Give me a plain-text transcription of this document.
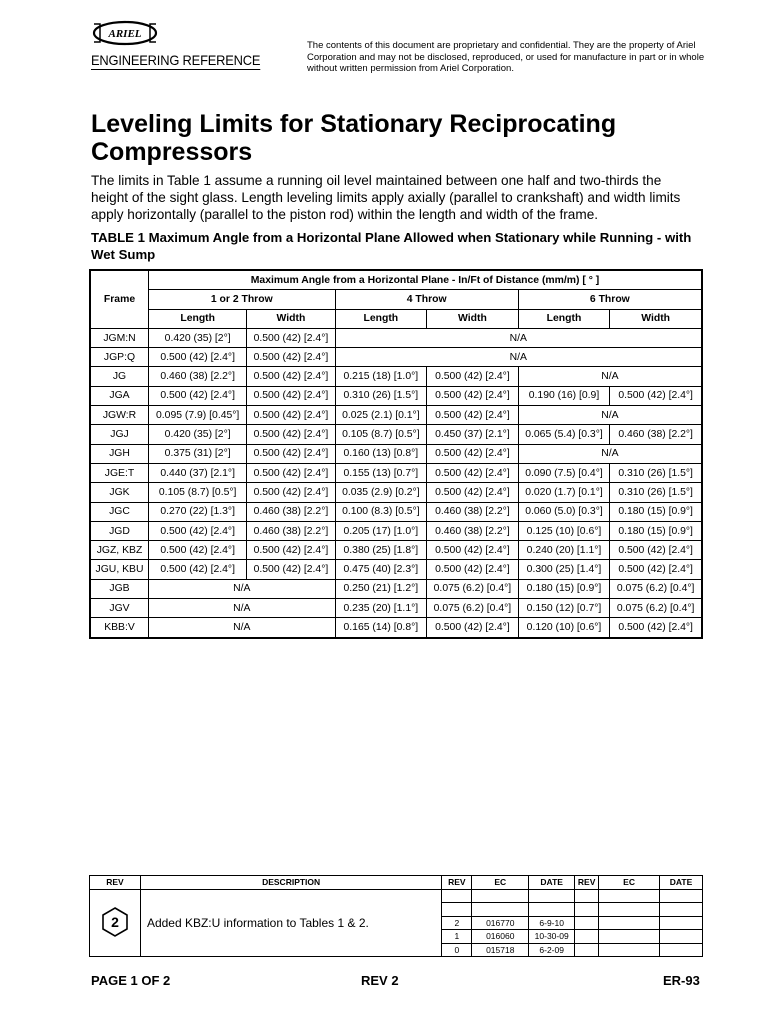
ARIEL
ENGINEERING REFERENCE
The contents of this document are proprietary and confidential. They are the property of Ariel Corporation and may not be disclosed, reproduced, or used for manufacture in part or in whole without written permission from Ariel Corporation.
Leveling Limits for Stationary Reciprocating Compressors
The limits in Table 1 assume a running oil level maintained between one half and two-thirds the height of the sight glass. Length leveling limits apply axially (parallel to crankshaft) and width limits apply horizontally (parallel to the piston rod) within the length and width of the frame.
TABLE 1 Maximum Angle from a Horizontal Plane Allowed when Stationary while Running - with Wet Sump
Frame	Maximum Angle from a Horizontal Plane - In/Ft of Distance (mm/m) [ ° ]					
	1 or 2 Throw		4 Throw		6 Throw	
	Length	Width	Length	Width	Length	Width
JGM:N	0.420 (35) [2°]	0.500 (42) [2.4°]	N/A			
JGP:Q	0.500 (42) [2.4°]	0.500 (42) [2.4°]	N/A			
JG	0.460 (38) [2.2°]	0.500 (42) [2.4°]	0.215 (18) [1.0°]	0.500 (42) [2.4°]	N/A	
JGA	0.500 (42) [2.4°]	0.500 (42) [2.4°]	0.310 (26) [1.5°]	0.500 (42) [2.4°]	0.190 (16) [0.9]	0.500 (42) [2.4°]
JGW:R	0.095 (7.9) [0.45°]	0.500 (42) [2.4°]	0.025 (2.1) [0.1°]	0.500 (42) [2.4°]	N/A	
JGJ	0.420 (35) [2°]	0.500 (42) [2.4°]	0.105 (8.7) [0.5°]	0.450 (37) [2.1°]	0.065 (5.4) [0.3°]	0.460 (38) [2.2°]
JGH	0.375 (31) [2°]	0.500 (42) [2.4°]	0.160 (13) [0.8°]	0.500 (42) [2.4°]	N/A	
JGE:T	0.440 (37) [2.1°]	0.500 (42) [2.4°]	0.155 (13) [0.7°]	0.500 (42) [2.4°]	0.090 (7.5) [0.4°]	0.310 (26) [1.5°]
JGK	0.105 (8.7) [0.5°]	0.500 (42) [2.4°]	0.035 (2.9) [0.2°]	0.500 (42) [2.4°]	0.020 (1.7) [0.1°]	0.310 (26) [1.5°]
JGC	0.270 (22) [1.3°]	0.460 (38) [2.2°]	0.100 (8.3) [0.5°]	0.460 (38) [2.2°]	0.060 (5.0) [0.3°]	0.180 (15) [0.9°]
JGD	0.500 (42) [2.4°]	0.460 (38) [2.2°]	0.205 (17) [1.0°]	0.460 (38) [2.2°]	0.125 (10) [0.6°]	0.180 (15) [0.9°]
JGZ, KBZ	0.500 (42) [2.4°]	0.500 (42) [2.4°]	0.380 (25) [1.8°]	0.500 (42) [2.4°]	0.240 (20) [1.1°]	0.500 (42) [2.4°]
JGU, KBU	0.500 (42) [2.4°]	0.500 (42) [2.4°]	0.475 (40) [2.3°]	0.500 (42) [2.4°]	0.300 (25) [1.4°]	0.500 (42) [2.4°]
JGB	N/A		0.250 (21) [1.2°]	0.075 (6.2) [0.4°]	0.180 (15) [0.9°]	0.075 (6.2) [0.4°]
JGV	N/A		0.235 (20) [1.1°]	0.075 (6.2) [0.4°]	0.150 (12) [0.7°]	0.075 (6.2) [0.4°]
KBB:V	N/A		0.165 (14) [0.8°]	0.500 (42) [2.4°]	0.120 (10) [0.6°]	0.500 (42) [2.4°]
REV	DESCRIPTION	REV	EC	DATE	REV	EC	DATE

2	Added KBZ:U information to Tables 1 & 2.						

		2	016770	6-9-10			
		1	016060	10-30-09			
		0	015718	6-2-09			
PAGE 1 OF 2	REV 2	ER-93
